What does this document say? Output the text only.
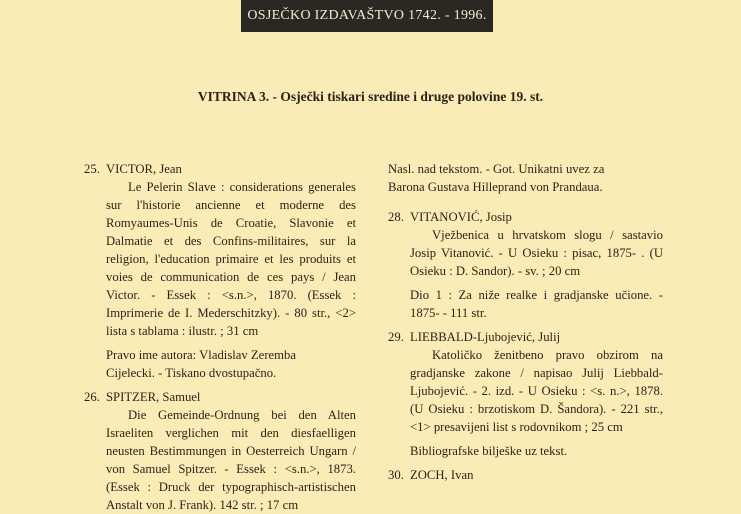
OSJEČKO IZDAVAŠTVO 1742. - 1996.
VITRINA 3. - Osječki tiskari sredine i druge polovine 19. st.
25. VICTOR, Jean
Le Pelerin Slave : considerations generales sur l'historie ancienne et moderne des Romyaumes-Unis de Croatie, Slavonie et Dalmatie et des Confins-militaires, sur la religion, l'education primaire et les produits et voies de communication de ces pays / Jean Victor. - Essek : <s.n.>, 1870. (Essek : Imprimerie de I. Mederschitzky). - 80 str., <2> lista s tablama : ilustr. ; 31 cm
Pravo ime autora: Vladislav Zeremba
Cijelecki. - Tiskano dvostupačno.
26. SPITZER, Samuel
Die Gemeinde-Ordnung bei den Alten Israeliten verglichen mit den diesfaelligen neusten Bestimmungen in Oesterreich Ungarn / von Samuel Spitzer. - Essek : <s.n.>, 1873. (Essek : Druck der typographisch-artistischen Anstalt von J. Frank). 142 str. ; 17 cm
Nasl. nad tekstom. - Got. Unikatni uvez za
Barona Gustava Hilleprand von Prandaua.
28. VITANOVIĆ, Josip
Vježbenica u hrvatskom slogu / sastavio Josip Vitanović. - U Osieku : pisac, 1875- . (U Osieku : D. Sandor). - sv. ; 20 cm
Dio 1 : Za niže realke i gradjanske učione. - 1875- - 111 str.
29. LIEBBALD-Ljubojević, Julij
Katoličko ženitbeno pravo obzirom na gradjanske zakone / napisao Julij Liebbald-Ljubojević. - 2. izd. - U Osieku : <s. n.>, 1878. (U Osieku : brzotiskom D. Šandora). - 221 str., <1> presavijeni list s rodovnikom ; 25 cm
Bibliografske bilješke uz tekst.
30. ZOCH, Ivan
